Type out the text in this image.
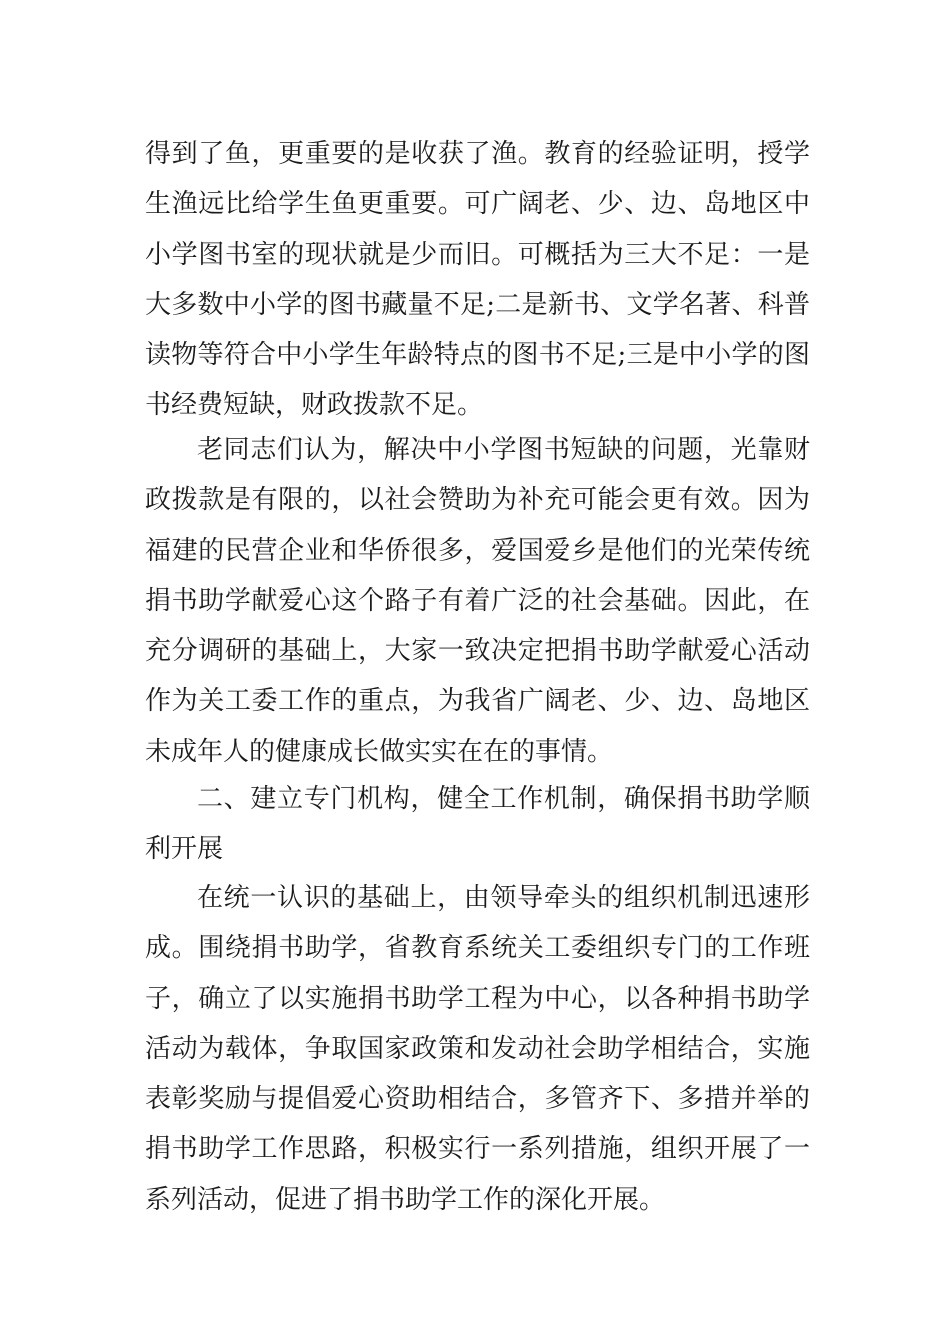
得到了鱼，更重要的是收获了渔。教育的经验证明，授学
生渔远比给学生鱼更重要。可广阔老、少、边、岛地区中
小学图书室的现状就是少而旧。可概括为三大不足：一是
大多数中小学的图书藏量不足;二是新书、文学名著、科普
读物等符合中小学生年龄特点的图书不足;三是中小学的图
书经费短缺，财政拨款不足。
老同志们认为，解决中小学图书短缺的问题，光靠财
政拨款是有限的，以社会赞助为补充可能会更有效。因为
福建的民营企业和华侨很多，爱国爱乡是他们的光荣传统
捐书助学献爱心这个路子有着广泛的社会基础。因此，在
充分调研的基础上，大家一致决定把捐书助学献爱心活动
作为关工委工作的重点，为我省广阔老、少、边、岛地区
未成年人的健康成长做实实在在的事情。
二、建立专门机构，健全工作机制，确保捐书助学顺
利开展
在统一认识的基础上，由领导牵头的组织机制迅速形
成。围绕捐书助学，省教育系统关工委组织专门的工作班
子，确立了以实施捐书助学工程为中心，以各种捐书助学
活动为载体，争取国家政策和发动社会助学相结合，实施
表彰奖励与提倡爱心资助相结合，多管齐下、多措并举的
捐书助学工作思路，积极实行一系列措施，组织开展了一
系列活动，促进了捐书助学工作的深化开展。
